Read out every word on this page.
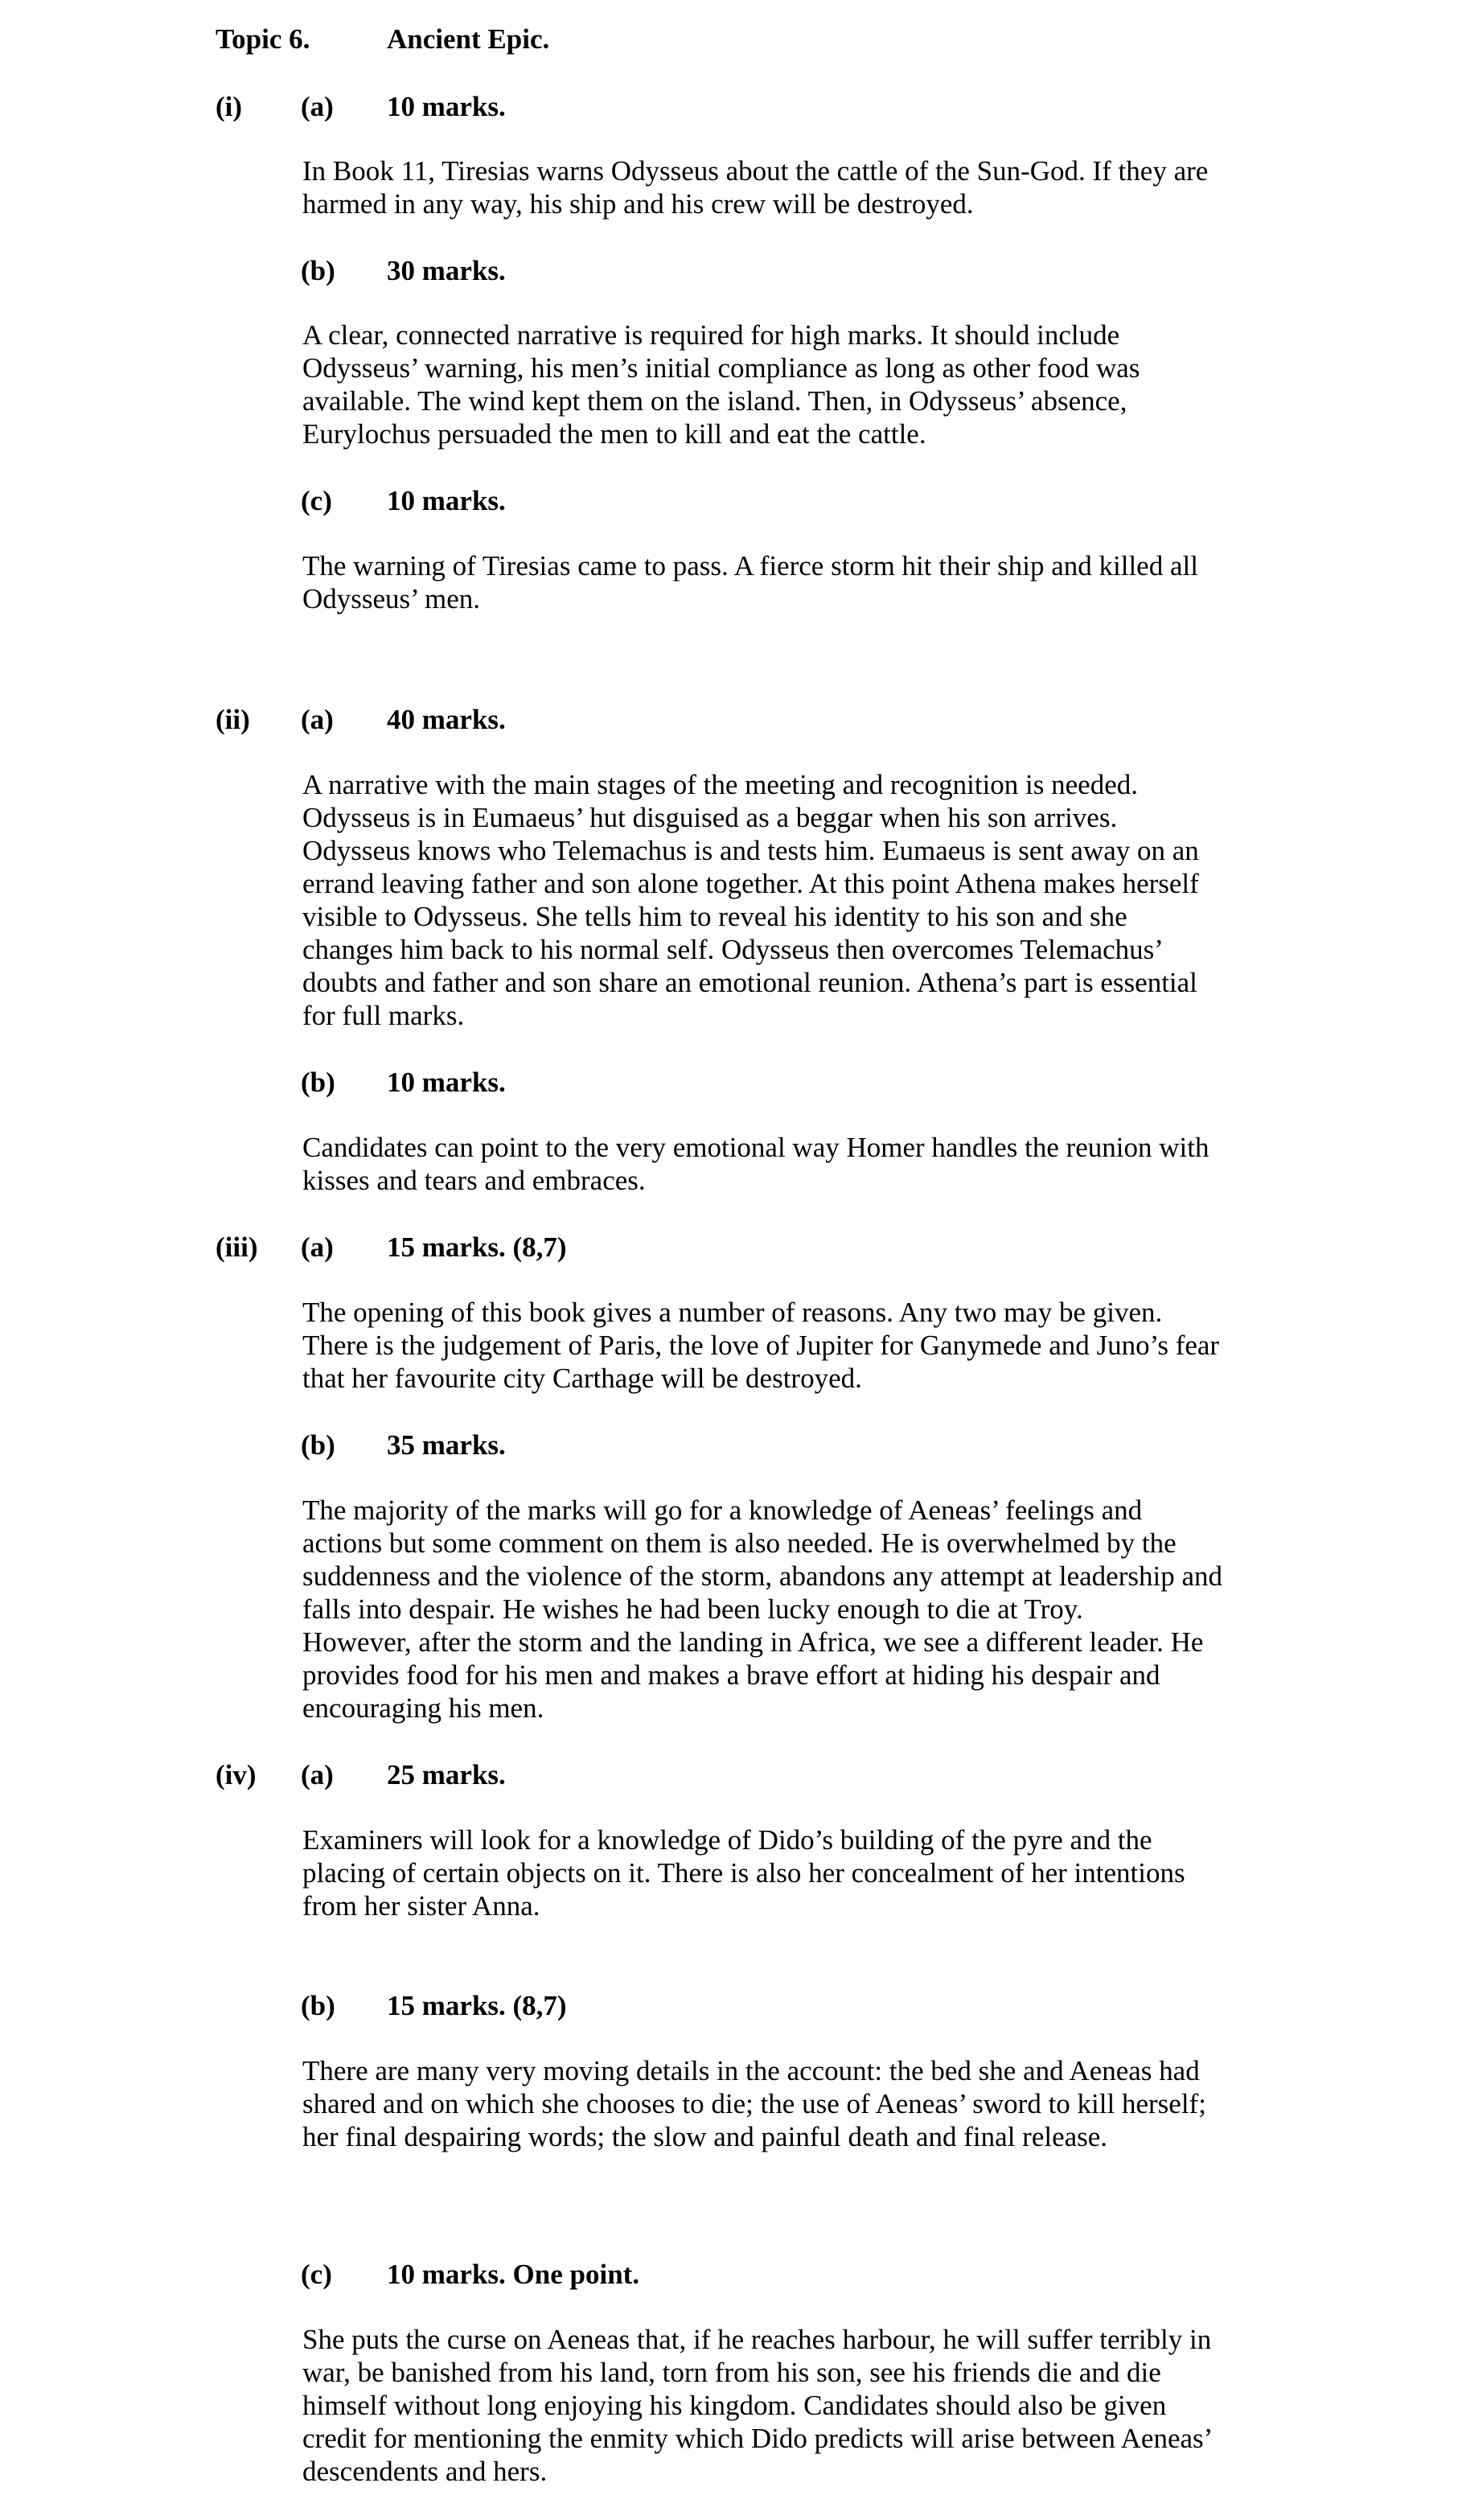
Topic 6.	Ancient Epic.
(i) (a) 10 marks.
In Book 11, Tiresias warns Odysseus about the cattle of the Sun-God. If they are
harmed in any way, his ship and his crew will be destroyed.
(b) 30 marks.
A clear, connected narrative is required for high marks. It should include
Odysseus’ warning, his men’s initial compliance as long as other food was
available. The wind kept them on the island. Then, in Odysseus’ absence,
Eurylochus persuaded the men to kill and eat the cattle.
(c) 10 marks.
The warning of Tiresias came to pass. A fierce storm hit their ship and killed all
Odysseus’ men.
(ii) (a) 40 marks.
A narrative with the main stages of the meeting and recognition is needed.
Odysseus is in Eumaeus’ hut disguised as a beggar when his son arrives.
Odysseus knows who Telemachus is and tests him. Eumaeus is sent away on an
errand leaving father and son alone together. At this point Athena makes herself
visible to Odysseus. She tells him to reveal his identity to his son and she
changes him back to his normal self. Odysseus then overcomes Telemachus’
doubts and father and son share an emotional reunion. Athena’s part is essential
for full marks.
(b) 10 marks.
Candidates can point to the very emotional way Homer handles the reunion with
kisses and tears and embraces.
(iii) (a) 15 marks. (8,7)
The opening of this book gives a number of reasons. Any two may be given.
There is the judgement of Paris, the love of Jupiter for Ganymede and Juno’s fear
that her favourite city Carthage will be destroyed.
(b) 35 marks.
The majority of the marks will go for a knowledge of Aeneas’ feelings and
actions but some comment on them is also needed. He is overwhelmed by the
suddenness and the violence of the storm, abandons any attempt at leadership and
falls into despair. He wishes he had been lucky enough to die at Troy.
However, after the storm and the landing in Africa, we see a different leader. He
provides food for his men and makes a brave effort at hiding his despair and
encouraging his men.
(iv) (a) 25 marks.
Examiners will look for a knowledge of Dido’s building of the pyre and the
placing of certain objects on it. There is also her concealment of her intentions
from her sister Anna.
(b) 15 marks. (8,7)
There are many very moving details in the account: the bed she and Aeneas had
shared and on which she chooses to die; the use of Aeneas’ sword to kill herself;
her final despairing words; the slow and painful death and final release.
(c) 10 marks. One point.
She puts the curse on Aeneas that, if he reaches harbour, he will suffer terribly in
war, be banished from his land, torn from his son, see his friends die and die
himself without long enjoying his kingdom. Candidates should also be given
credit for mentioning the enmity which Dido predicts will arise between Aeneas’
descendents and hers.
